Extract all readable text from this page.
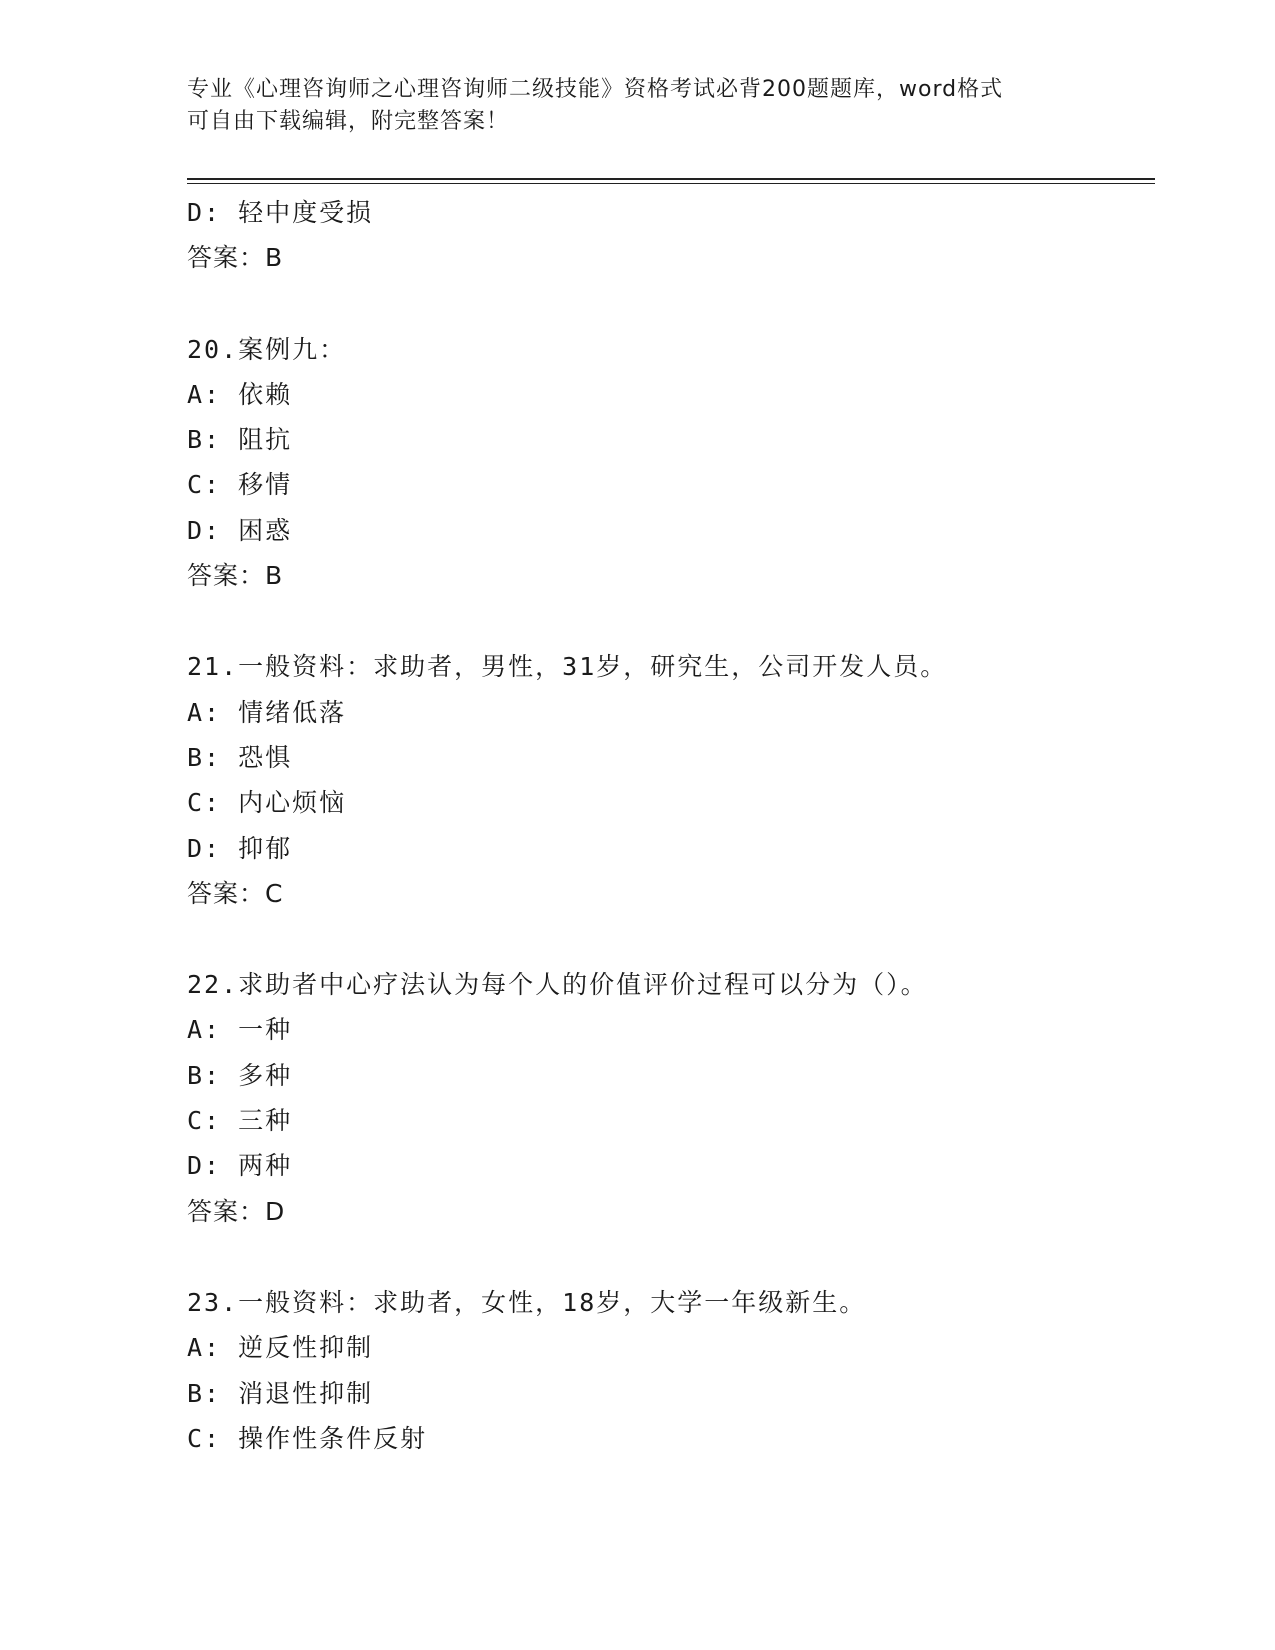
专业《心理咨询师之心理咨询师二级技能》资格考试必背200题题库，word格式
可自由下载编辑，附完整答案！
D: 轻中度受损
答案：B
20.案例九：
A: 依赖
B: 阻抗
C: 移情
D: 困惑
答案：B
21.一般资料：求助者，男性，31岁，研究生，公司开发人员。
A: 情绪低落
B: 恐惧
C: 内心烦恼
D: 抑郁
答案：C
22.求助者中心疗法认为每个人的价值评价过程可以分为（）。
A: 一种
B: 多种
C: 三种
D: 两种
答案：D
23.一般资料：求助者，女性，18岁，大学一年级新生。
A: 逆反性抑制
B: 消退性抑制
C: 操作性条件反射
